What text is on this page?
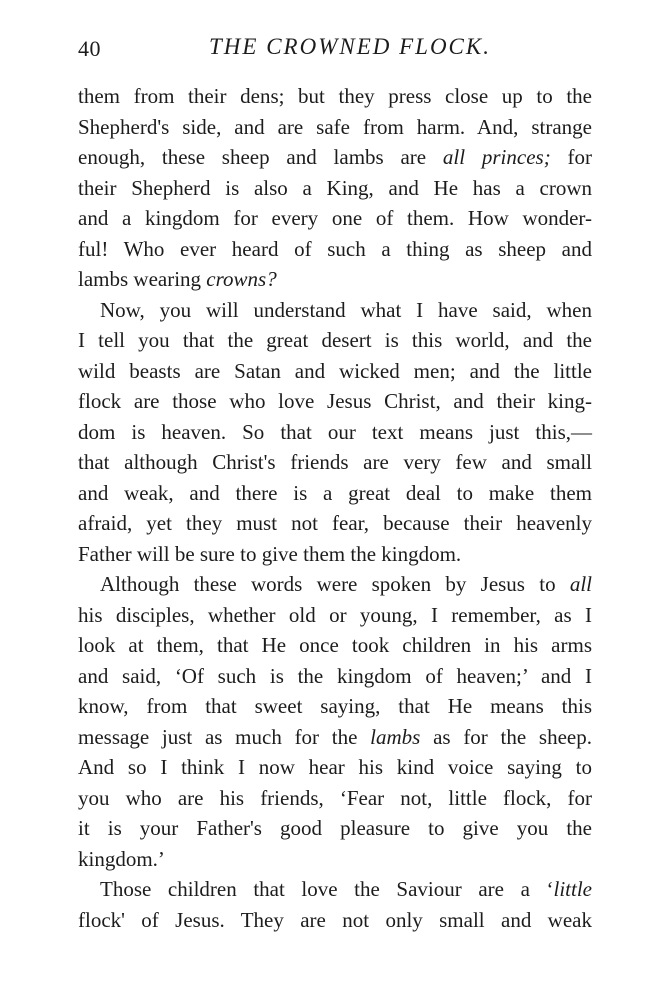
40	THE CROWNED FLOCK.
them from their dens; but they press close up to the
Shepherd's side, and are safe from harm. And, strange
enough, these sheep and lambs are all princes; for
their Shepherd is also a King, and He has a crown
and a kingdom for every one of them. How wonder-
ful! Who ever heard of such a thing as sheep and
lambs wearing crowns?
Now, you will understand what I have said, when
I tell you that the great desert is this world, and the
wild beasts are Satan and wicked men; and the little
flock are those who love Jesus Christ, and their king-
dom is heaven. So that our text means just this,—
that although Christ's friends are very few and small
and weak, and there is a great deal to make them
afraid, yet they must not fear, because their heavenly
Father will be sure to give them the kingdom.
Although these words were spoken by Jesus to all
his disciples, whether old or young, I remember, as I
look at them, that He once took children in his arms
and said, ‘Of such is the kingdom of heaven;’ and I
know, from that sweet saying, that He means this
message just as much for the lambs as for the sheep.
And so I think I now hear his kind voice saying to
you who are his friends, ‘Fear not, little flock, for
it is your Father's good pleasure to give you the
kingdom.’
Those children that love the Saviour are a ‘little
flock' of Jesus. They are not only small and weak
